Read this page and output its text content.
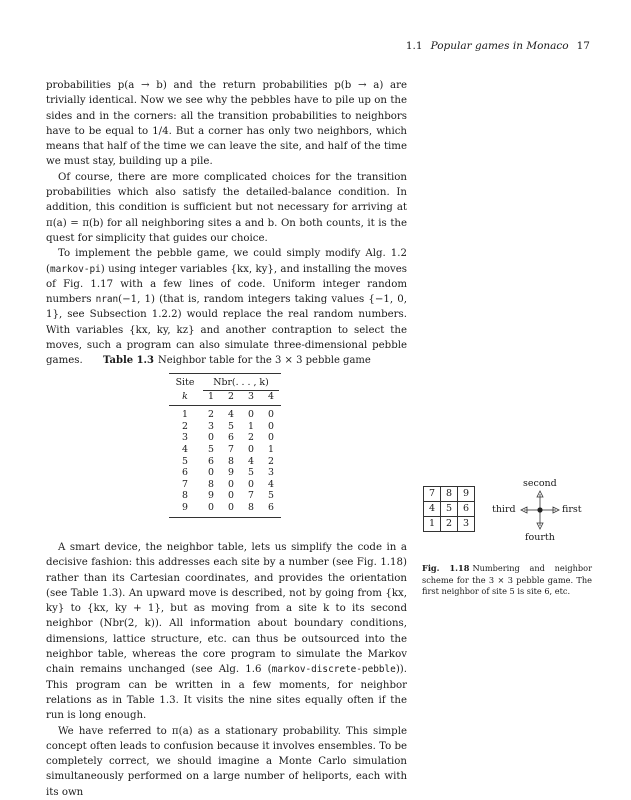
1.1 Popular games in Monaco 17

probabilities p(a → b) and the return probabilities p(b → a) are trivially identical. Now we see why the pebbles have to pile up on the sides and in the corners: all the transition probabilities to neighbors have to be equal to 1/4. But a corner has only two neighbors, which means that half of the time we can leave the site, and half of the time we must stay, building up a pile.

Of course, there are more complicated choices for the transition probabilities which also satisfy the detailed-balance condition. In addition, this condition is sufficient but not necessary for arriving at π(a) = π(b) for all neighboring sites a and b. On both counts, it is the quest for simplicity that guides our choice.

To implement the pebble game, we could simply modify Alg. 1.2 (markov-pi) using integer variables {kx, ky}, and installing the moves of Fig. 1.17 with a few lines of code. Uniform integer random numbers nran(−1, 1) (that is, random integers taking values {−1, 0, 1}, see Subsection 1.2.2) would replace the real random numbers. With variables {kx, ky, kz} and another contraption to select the moves, such a program can also simulate three-dimensional pebble games.	Table 1.3 Neighbor table for the 3 × 3 pebble game
Site	Nbr(. . . , k)
k	1	2	3	4
1	2	4	0	0
2	3	5	1	0
3	0	6	2	0
4	5	7	0	1
5	6	8	4	2
6	0	9	5	3
7	8	0	0	4
8	9	0	7	5
9	0	0	8	6
7	8	9
4	5	6
1	2	3
second
third	first
fourth
Fig. 1.18 Numbering and neighbor scheme for the 3 × 3 pebble game. The first neighbor of site 5 is site 6, etc.

A smart device, the neighbor table, lets us simplify the code in a decisive fashion: this addresses each site by a number (see Fig. 1.18) rather than its Cartesian coordinates, and provides the orientation (see Table 1.3). An upward move is described, not by going from {kx, ky} to {kx, ky + 1}, but as moving from a site k to its second neighbor (Nbr(2, k)). All information about boundary conditions, dimensions, lattice structure, etc. can thus be outsourced into the neighbor table, whereas the core program to simulate the Markov chain remains unchanged (see Alg. 1.6 (markov-discrete-pebble)). This program can be written in a few moments, for neighbor relations as in Table 1.3. It visits the nine sites equally often if the run is long enough.

We have referred to π(a) as a stationary probability. This simple concept often leads to confusion because it involves ensembles. To be completely correct, we should imagine a Monte Carlo simulation simultaneously performed on a large number of heliports, each with its own
